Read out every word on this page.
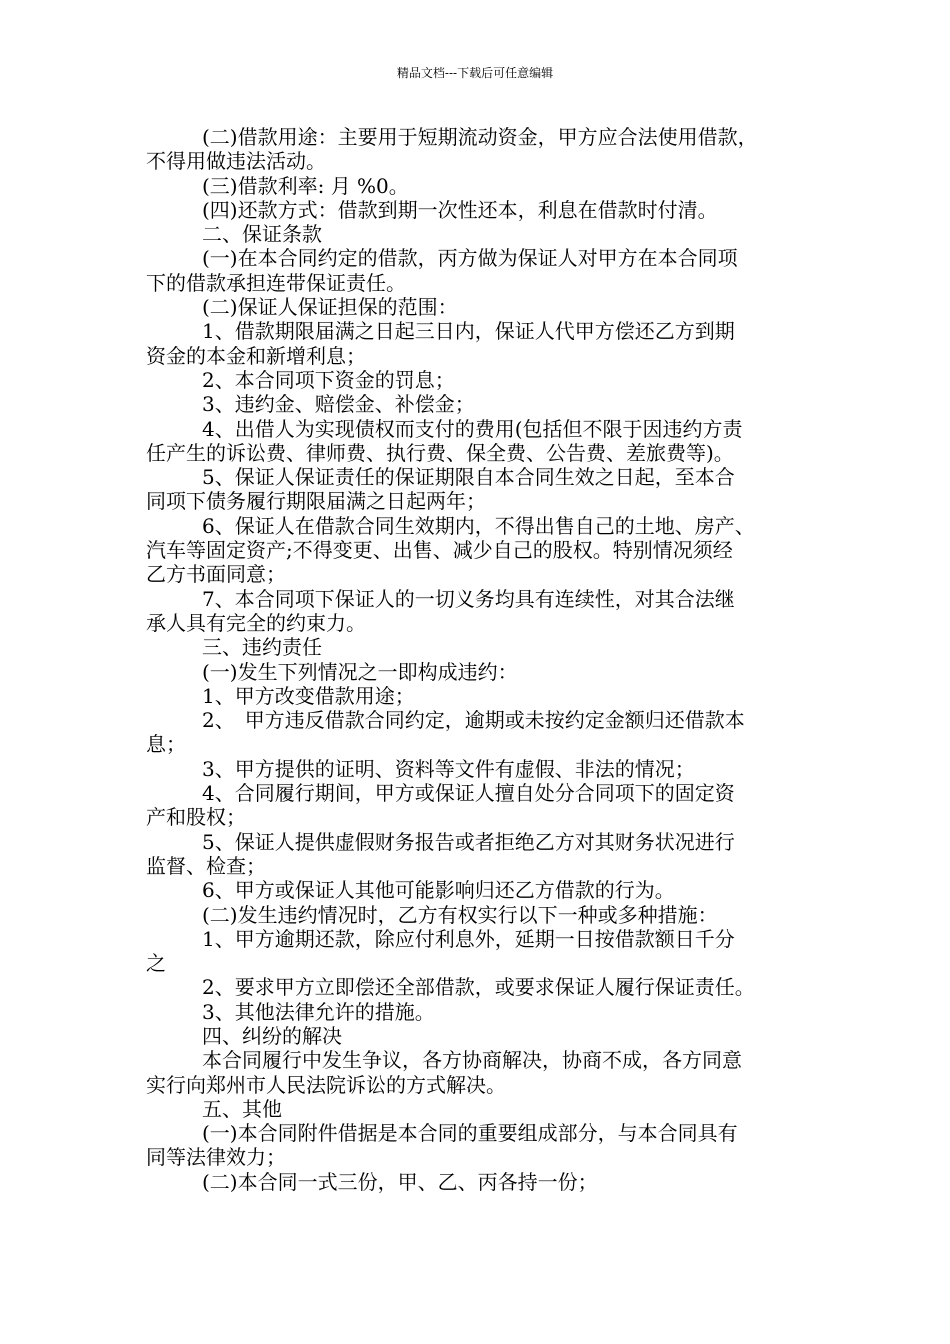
精品文档---下载后可任意编辑
(二)借款用途：主要用于短期流动资金，甲方应合法使用借款，
不得用做违法活动。
(三)借款利率: 月 %0。
(四)还款方式：借款到期一次性还本，利息在借款时付清。
二、保证条款
(一)在本合同约定的借款，丙方做为保证人对甲方在本合同项
下的借款承担连带保证责任。
(二)保证人保证担保的范围：
1、借款期限届满之日起三日内，保证人代甲方偿还乙方到期
资金的本金和新增利息；
2、本合同项下资金的罚息；
3、违约金、赔偿金、补偿金；
4、出借人为实现债权而支付的费用(包括但不限于因违约方责
任产生的诉讼费、律师费、执行费、保全费、公告费、差旅费等)。
5、保证人保证责任的保证期限自本合同生效之日起，至本合
同项下债务履行期限届满之日起两年；
6、保证人在借款合同生效期内，不得出售自己的土地、房产、
汽车等固定资产;不得变更、出售、减少自己的股权。特别情况须经
乙方书面同意；
7、本合同项下保证人的一切义务均具有连续性，对其合法继
承人具有完全的约束力。
三、违约责任
(一)发生下列情况之一即构成违约：
1、甲方改变借款用途；
2、　甲方违反借款合同约定，逾期或未按约定金额归还借款本
息；
3、甲方提供的证明、资料等文件有虚假、非法的情况；
4、合同履行期间，甲方或保证人擅自处分合同项下的固定资
产和股权；
5、保证人提供虚假财务报告或者拒绝乙方对其财务状况进行
监督、检查；
6、甲方或保证人其他可能影响归还乙方借款的行为。
(二)发生违约情况时，乙方有权实行以下一种或多种措施：
1、甲方逾期还款，除应付利息外，延期一日按借款额日千分
之
2、要求甲方立即偿还全部借款，或要求保证人履行保证责任。
3、其他法律允许的措施。
四、纠纷的解决
本合同履行中发生争议，各方协商解决，协商不成，各方同意
实行向郑州市人民法院诉讼的方式解决。
五、其他
(一)本合同附件借据是本合同的重要组成部分，与本合同具有
同等法律效力；
(二)本合同一式三份，甲、乙、丙各持一份；
